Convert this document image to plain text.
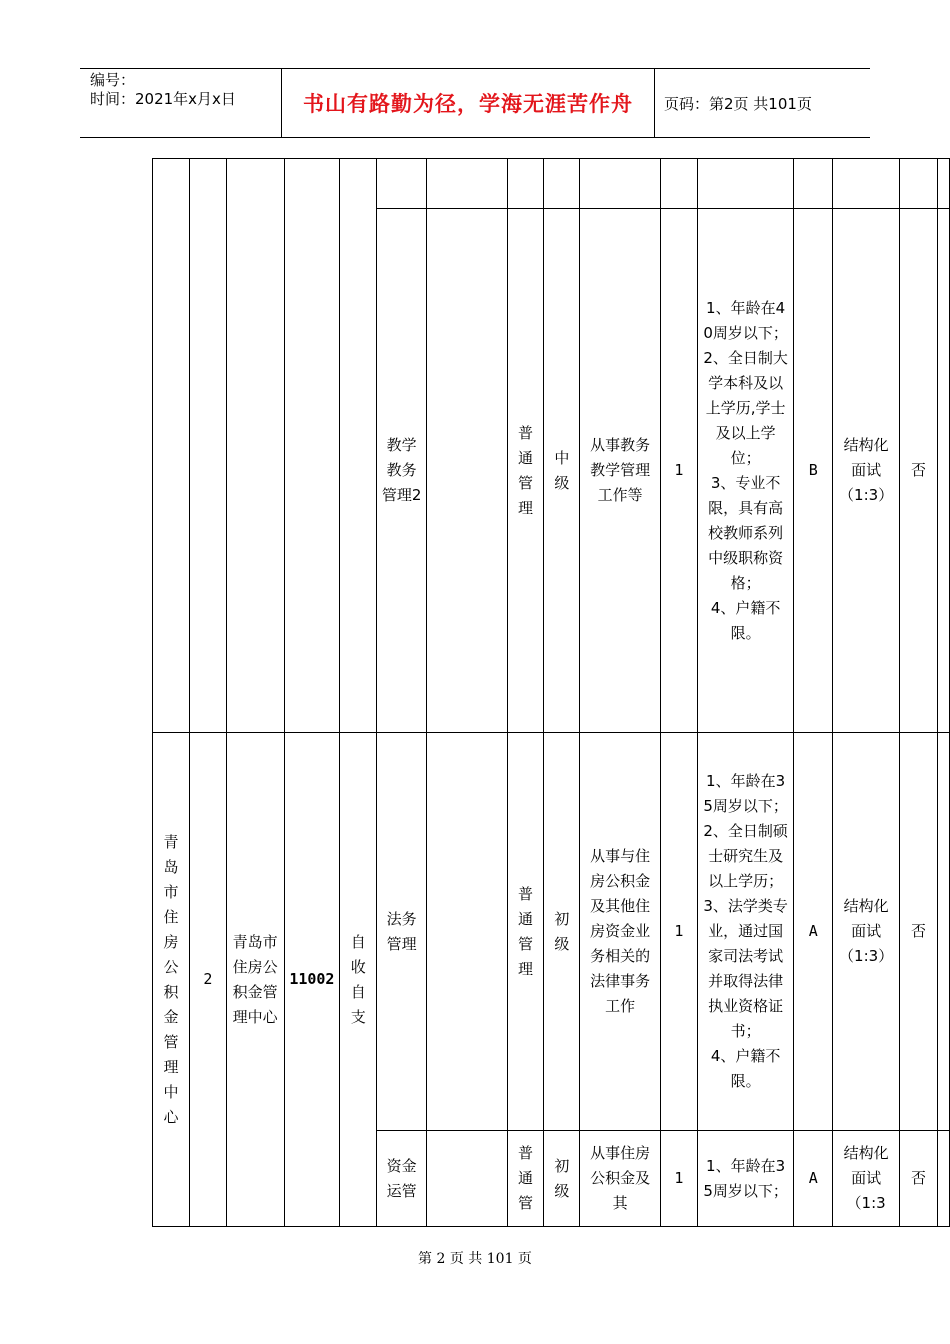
编号：
时间：2021年x月x日	书山有路勤为径，学海无涯苦作舟	页码：第2页 共101页

					教学教务管理2		普通管理	中级	从事教务教学管理工作等	1	1、年龄在40周岁以下；
2、全日制大学本科及以上学历,学士及以上学位；
3、专业不限，具有高校教师系列中级职称资格；
4、户籍不限。	B	结构化面试（1:3）	否	
青岛市住房公积金管理中心	2	青岛市住房公积金管理中心	11002	自收自支	法务管理		普通管理	初级	从事与住房公积金及其他住房资金业务相关的法律事务工作	1	1、年龄在35周岁以下；
2、全日制硕士研究生及以上学历；
3、法学类专业，通过国家司法考试并取得法律执业资格证书；
4、户籍不限。	A	结构化面试（1:3）	否	
					资金运管		普通管	初级	从事住房公积金及其	1	1、年龄在35周岁以下；	A	结构化面试（1:3	否	
第 2 页 共 101 页
